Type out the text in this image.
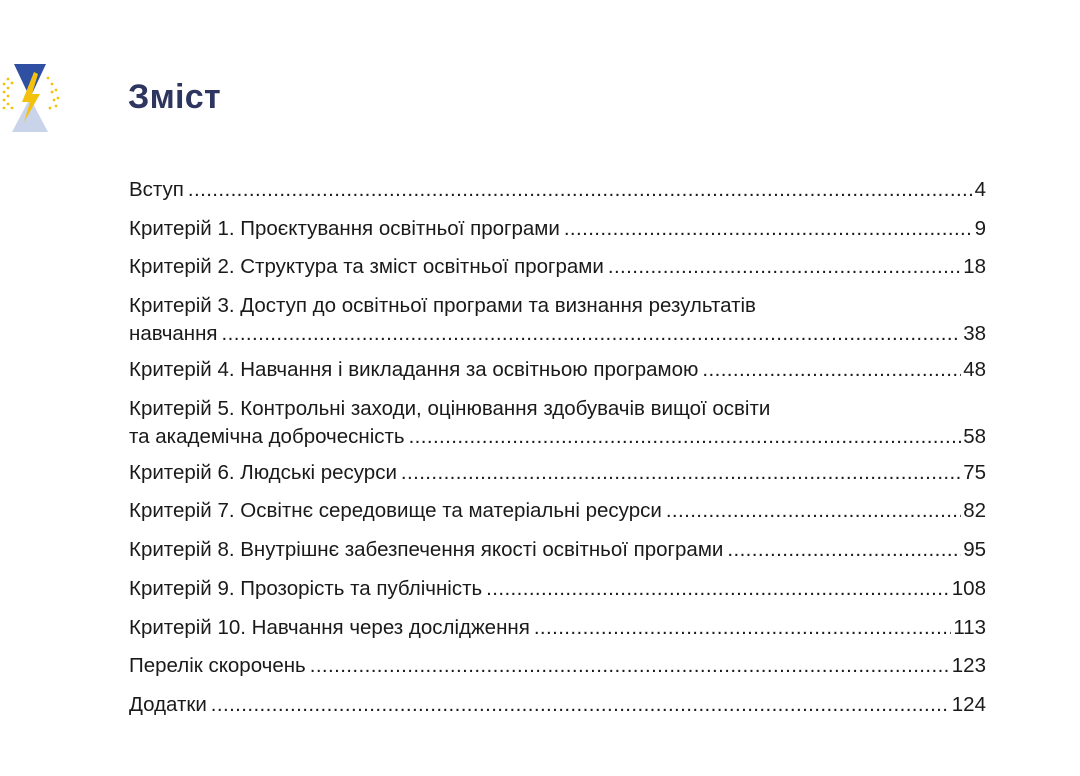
Зміст
Вступ .....	4
Критерій 1. Проєктування освітньої програми .....	9
Критерій 2. Структура та зміст освітньої програми .....	18
Критерій 3. Доступ до освітньої програми та визнання результатів
навчання .....	38
Критерій 4. Навчання і викладання за освітньою програмою .....	48
Критерій 5. Контрольні заходи, оцінювання здобувачів вищої освіти
та академічна доброчесність .....	58
Критерій 6. Людські ресурси .....	75
Критерій 7. Освітнє середовище та матеріальні ресурси .....	82
Критерій 8. Внутрішнє забезпечення якості освітньої програми .....	95
Критерій 9. Прозорість та публічність .....	108
Критерій 10. Навчання через дослідження .....	113
Перелік скорочень .....	123
Додатки .....	124
